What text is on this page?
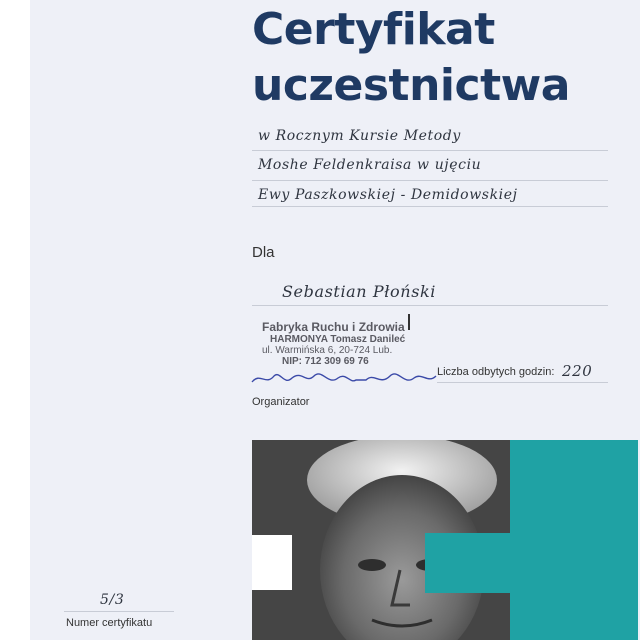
Certyfikat
uczestnictwa
w Rocznym Kursie Metody
Moshe Feldenkraisa w ujęciu
Ewy Paszkowskiej - Demidowskiej
Dla
Sebastian Płoński
Fabryka Ruchu i Zdrowia
HARMONYA Tomasz Danileć
ul. Warmińska 6, 20-724 Lub.
NIP: 712 309 69 76
Liczba odbytych godzin: 220
Organizator
5/3
Numer certyfikatu
